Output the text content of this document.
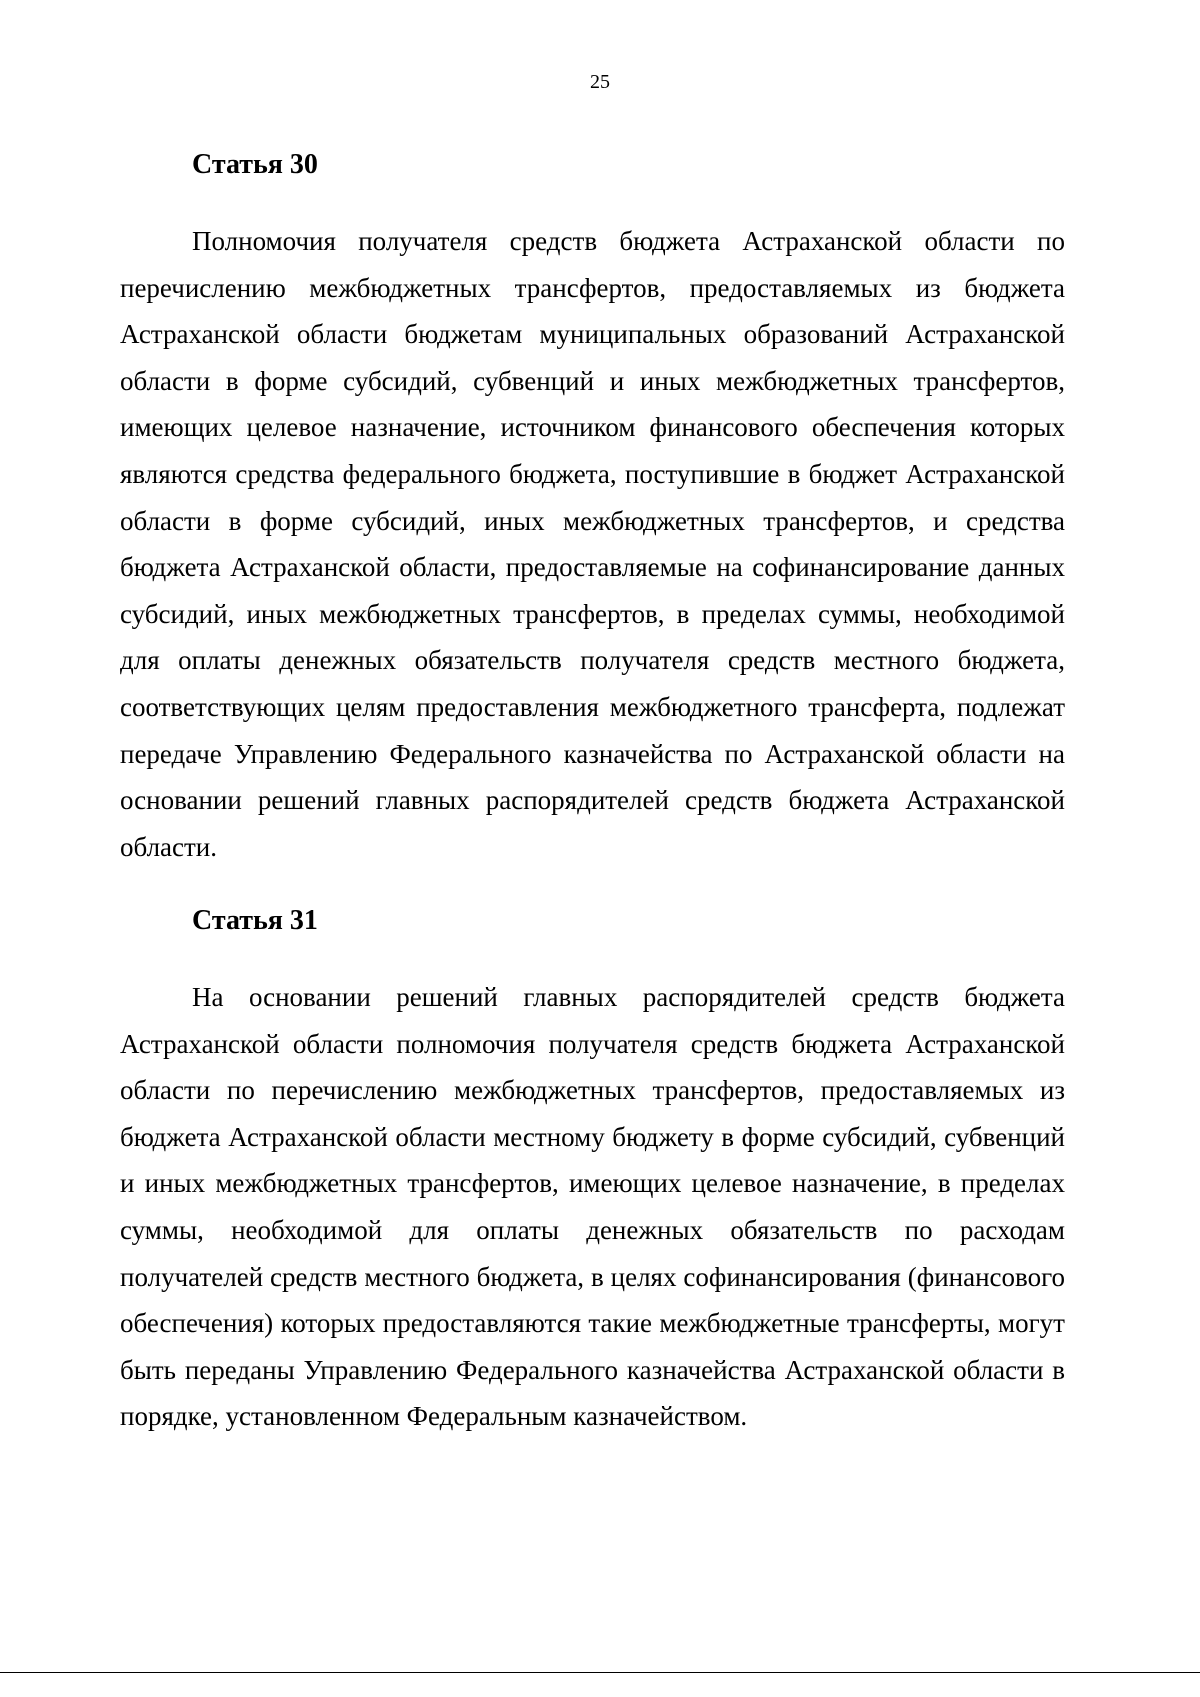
25
Статья 30

Полномочия получателя средств бюджета Астраханской области по перечислению межбюджетных трансфертов, предоставляемых из бюджета Астраханской области бюджетам муниципальных образований Астраханской области в форме субсидий, субвенций и иных межбюджетных трансфертов, имеющих целевое назначение, источником финансового обеспечения которых являются средства федерального бюджета, поступившие в бюджет Астраханской области в форме субсидий, иных межбюджетных трансфертов, и средства бюджета Астраханской области, предоставляемые на софинансирование данных субсидий, иных межбюджетных трансфертов, в пределах суммы, необходимой для оплаты денежных обязательств получателя средств местного бюджета, соответствующих целям предоставления межбюджетного трансферта, подлежат передаче Управлению Федерального казначейства по Астраханской области на основании решений главных распорядителей средств бюджета Астраханской области.

Статья 31

На основании решений главных распорядителей средств бюджета Астраханской области полномочия получателя средств бюджета Астраханской области по перечислению межбюджетных трансфертов, предоставляемых из бюджета Астраханской области местному бюджету в форме субсидий, субвенций и иных межбюджетных трансфертов, имеющих целевое назначение, в пределах суммы, необходимой для оплаты денежных обязательств по расходам получателей средств местного бюджета, в целях софинансирования (финансового обеспечения) которых предоставляются такие межбюджетные трансферты, могут быть переданы Управлению Федерального казначейства Астраханской области в порядке, установленном Федеральным казначейством.
